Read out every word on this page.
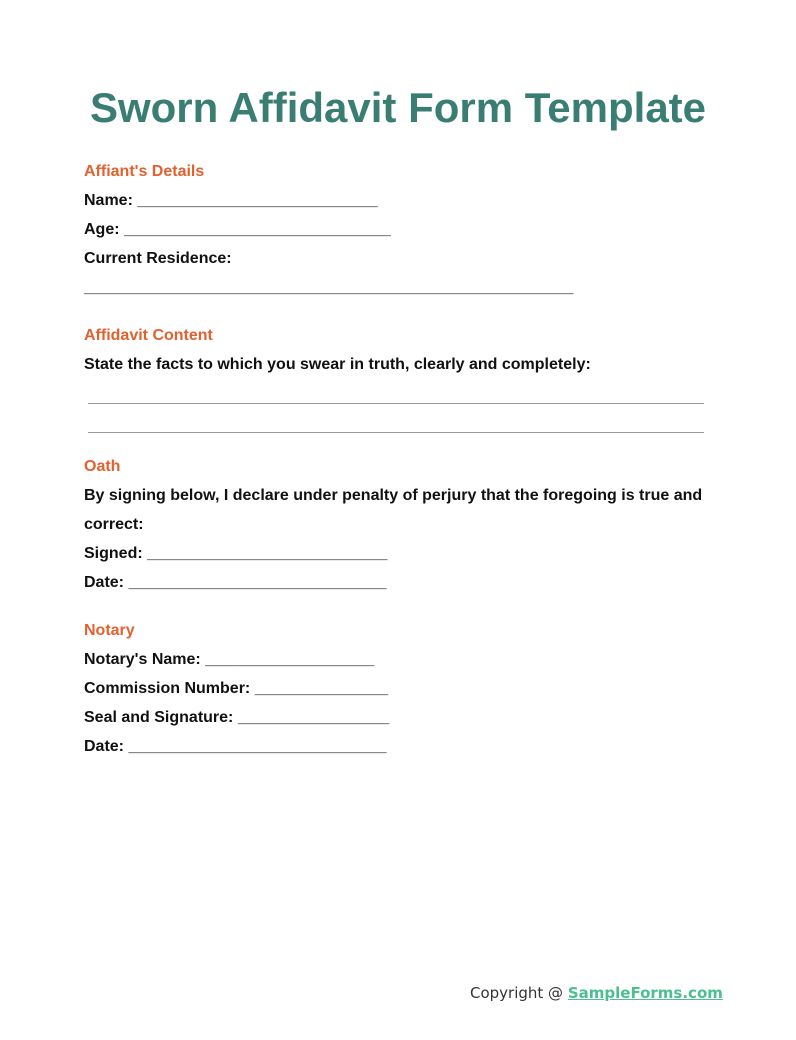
Sworn Affidavit Form Template

Affiant's Details

Name: ___________________________

Age: ______________________________

Current Residence:

_______________________________________________________

Affidavit Content

State the facts to which you swear in truth, clearly and completely:

Oath

By signing below, I declare under penalty of perjury that the foregoing is true and correct:

Signed: ___________________________

Date: _____________________________

Notary

Notary's Name: ___________________

Commission Number: _______________

Seal and Signature: _________________

Date: _____________________________

Copyright @ SampleForms.com
